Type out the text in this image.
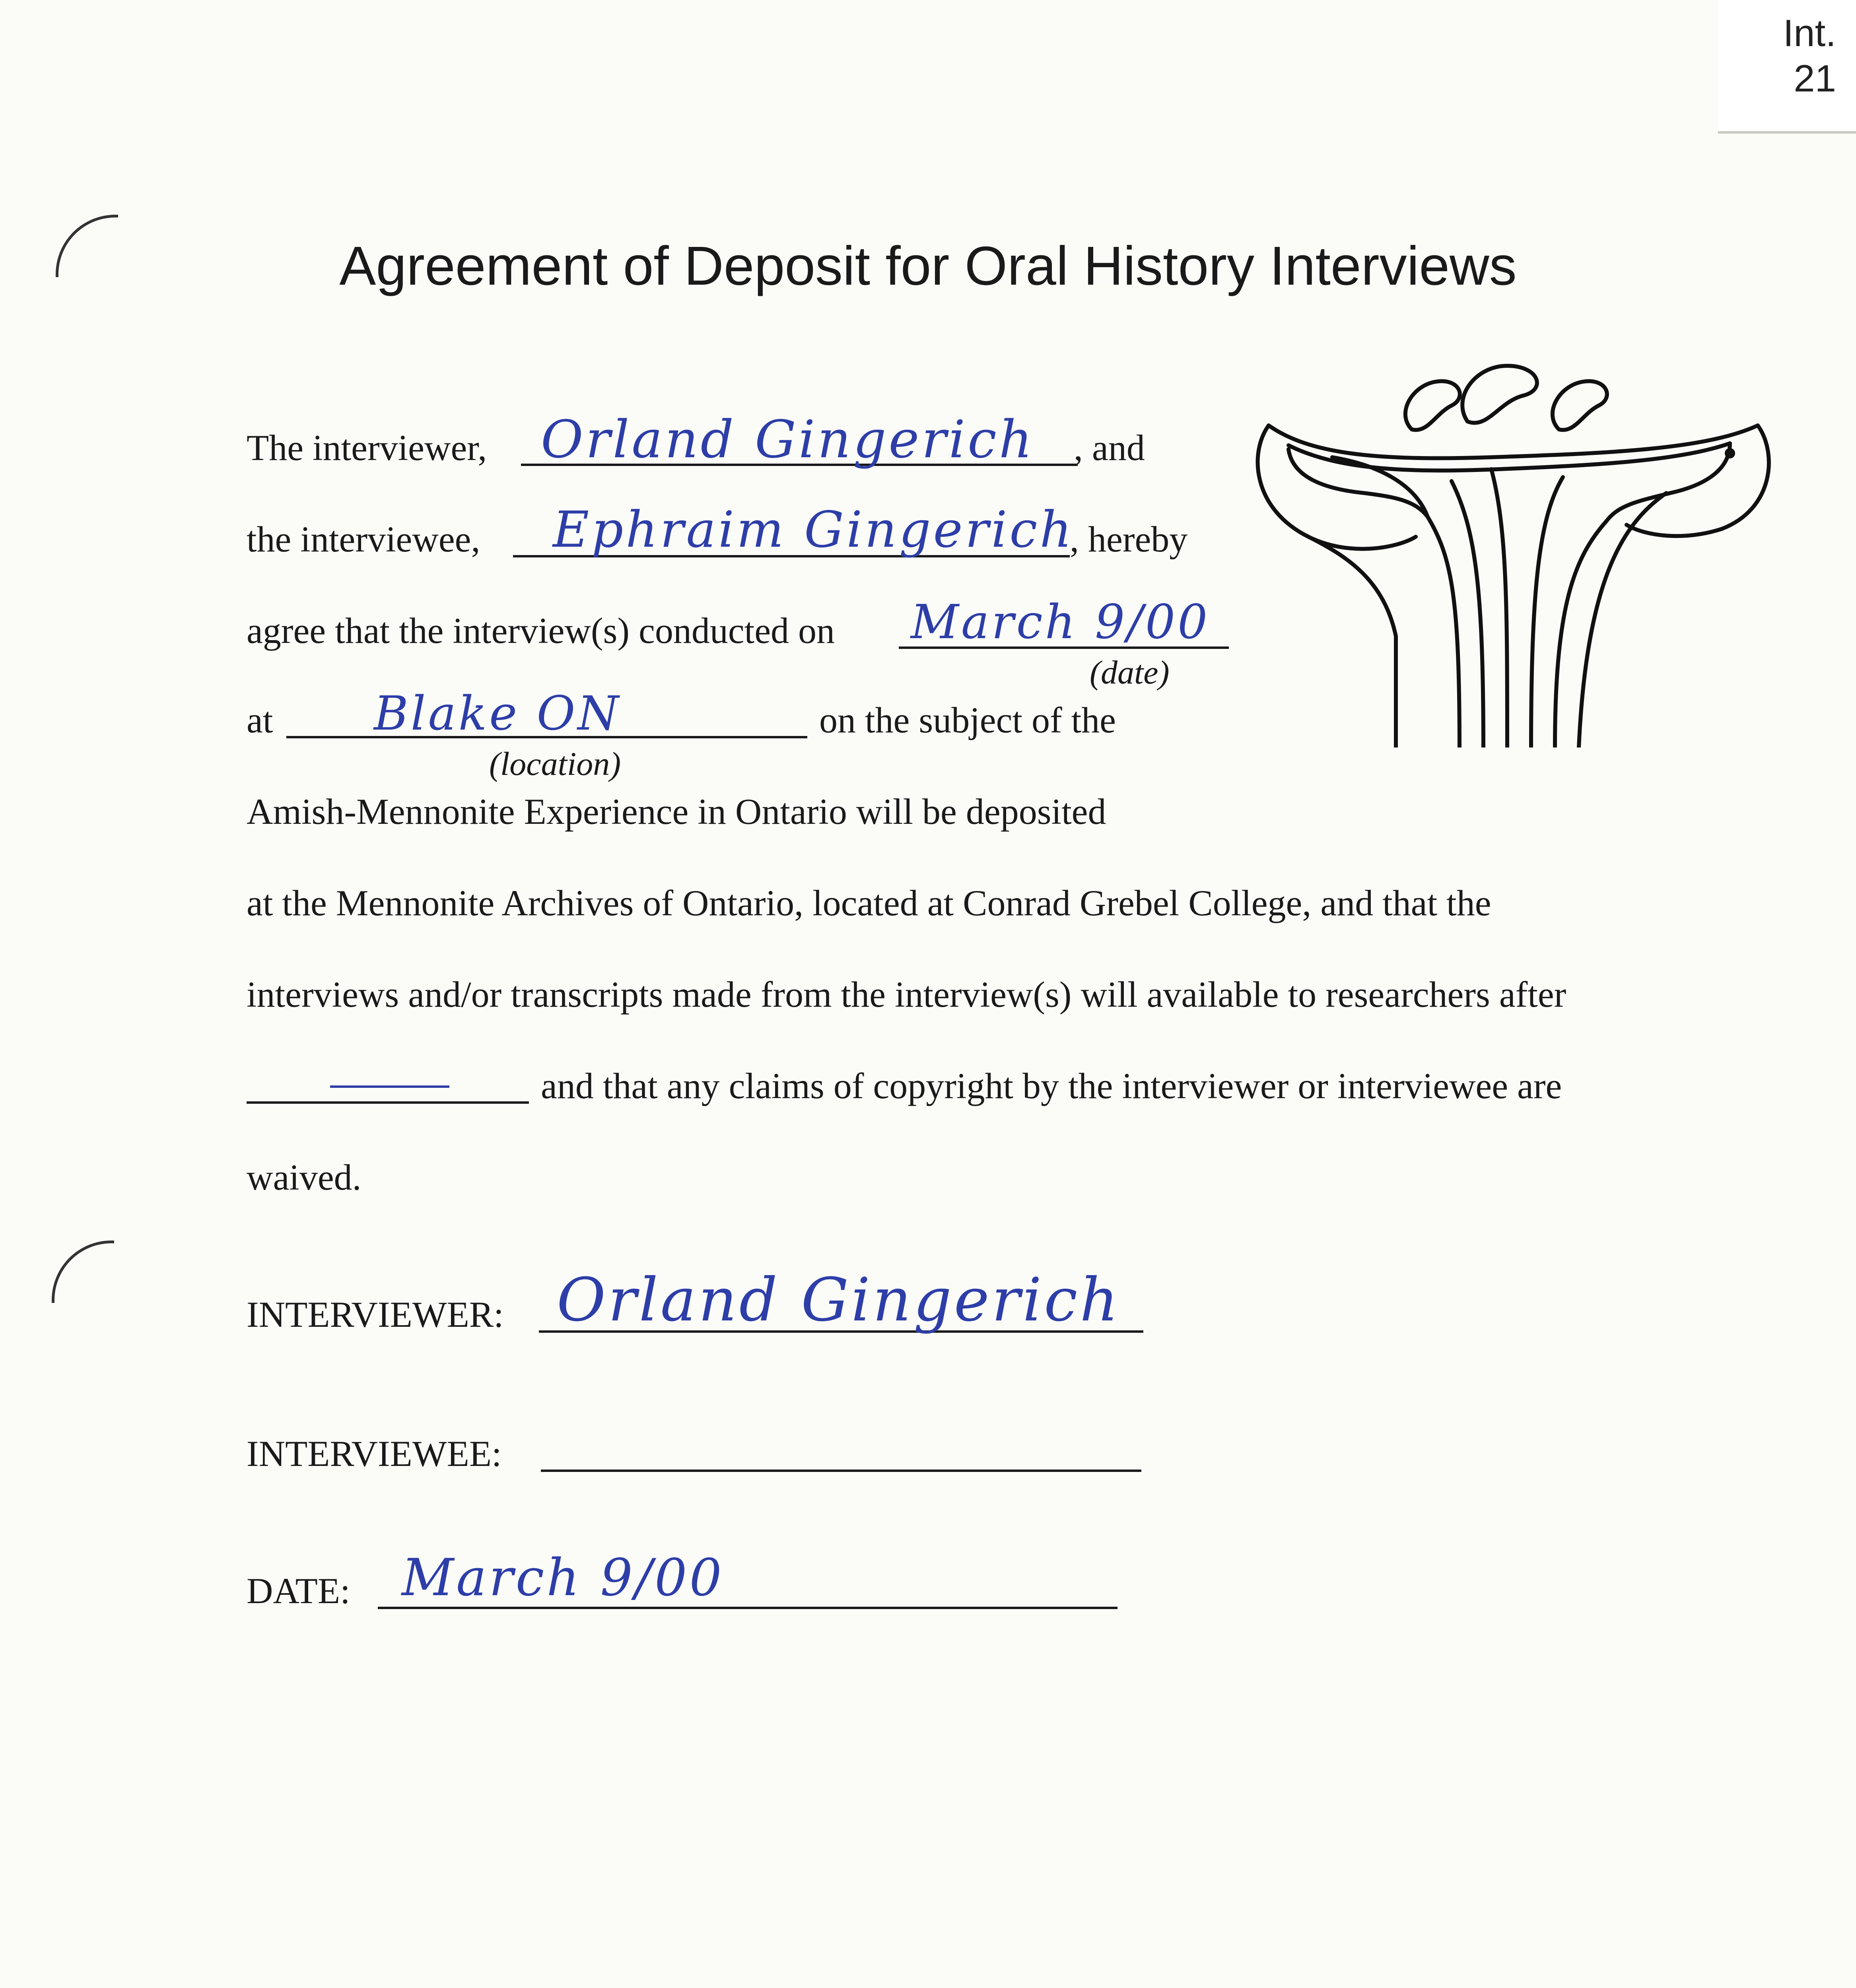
Int.
21
Agreement of Deposit for Oral History Interviews
The interviewer, Orland Gingerich , and
the interviewee, Ephraim Gingerich
, hereby
agree that the interview(s) conducted on March 9/00
(date)
at Blake ON	on the subject of the
(location)
Amish-Mennonite Experience in Ontario will be deposited
at the Mennonite Archives of Ontario, located at Conrad Grebel College, and that the
interviews and/or transcripts made from the interview(s) will available to researchers after
and that any claims of copyright by the interviewer or interviewee are
waived.
INTERVIEWER: Orland Gingerich
INTERVIEWEE:
DATE: March 9/00
